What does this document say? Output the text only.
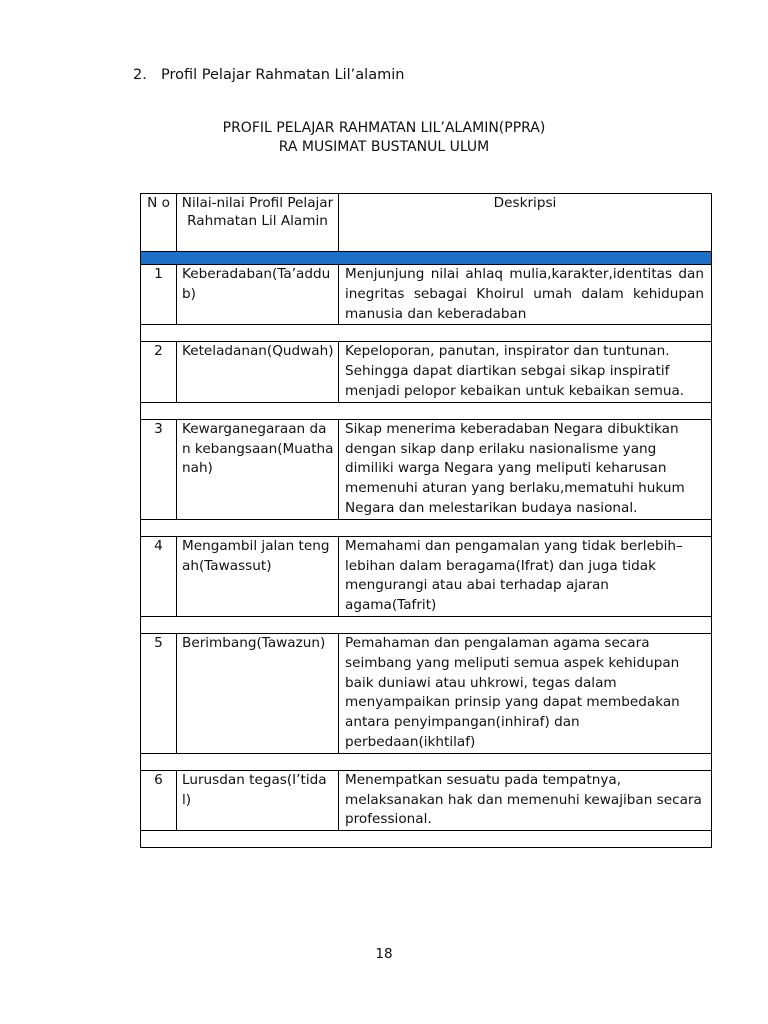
2. Profil Pelajar Rahmatan Lil’alamin
PROFIL PELAJAR RAHMATAN LIL’ALAMIN(PPRA)
RA MUSIMAT BUSTANUL ULUM
N o	Nilai-nilai Profil Pelajar Rahmatan Lil Alamin	Deskripsi

1	Keberadaban(Ta’addub)	Menjunjung nilai ahlaq mulia,karakter,identitas dan inegritas sebagai Khoirul umah dalam kehidupan manusia dan keberadaban

2	Keteladanan(Qudwah)	Kepeloporan, panutan, inspirator dan tuntunan. Sehingga dapat diartikan sebgai sikap inspiratif menjadi pelopor kebaikan untuk kebaikan semua.

3	Kewarganegaraan dan kebangsaan(Muathanah)	Sikap menerima keberadaban Negara dibuktikan dengan sikap danp erilaku nasionalisme yang dimiliki warga Negara yang meliputi keharusan memenuhi aturan yang berlaku,mematuhi hukum Negara dan melestarikan budaya nasional.

4	Mengambil jalan tengah(Tawassut)	Memahami dan pengamalan yang tidak berlebih–lebihan dalam beragama(Ifrat) dan juga tidak mengurangi atau abai terhadap ajaran agama(Tafrit)

5	Berimbang(Tawazun)	Pemahaman dan pengalaman agama secara seimbang yang meliputi semua aspek kehidupan baik duniawi atau uhkrowi, tegas dalam menyampaikan prinsip yang dapat membedakan antara penyimpangan(inhiraf) dan perbedaan(ikhtilaf)

6	Lurusdan tegas(I’tidal)	Menempatkan sesuatu pada tempatnya, melaksanakan hak dan memenuhi kewajiban secara professional.

18
